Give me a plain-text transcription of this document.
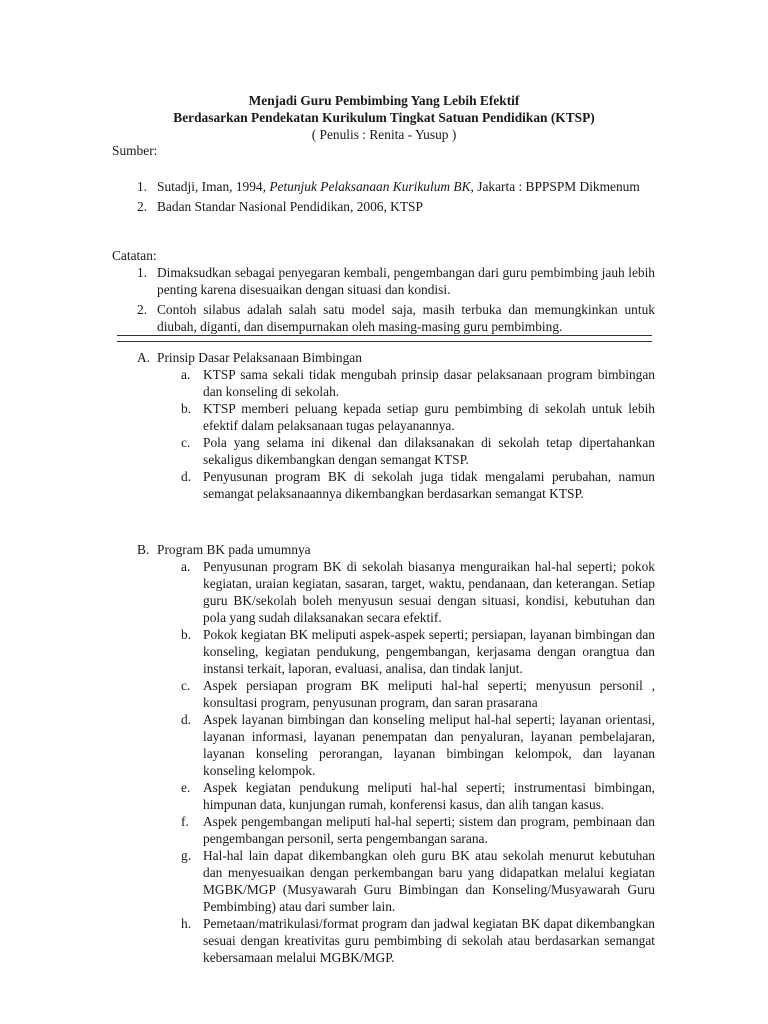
Menjadi Guru Pembimbing Yang Lebih Efektif
Berdasarkan Pendekatan Kurikulum Tingkat Satuan Pendidikan (KTSP)
( Penulis : Renita - Yusup )
Sumber:
1. Sutadji, Iman, 1994, Petunjuk Pelaksanaan Kurikulum BK, Jakarta : BPPSPM Dikmenum
2. Badan Standar Nasional Pendidikan, 2006, KTSP
Catatan:
1. Dimaksudkan sebagai penyegaran kembali, pengembangan dari guru pembimbing jauh lebih penting karena disesuaikan dengan situasi dan kondisi.
2. Contoh silabus adalah salah satu model saja, masih terbuka dan memungkinkan untuk diubah, diganti, dan disempurnakan oleh masing-masing guru pembimbing.
A. Prinsip Dasar Pelaksanaan Bimbingan
a. KTSP sama sekali tidak mengubah prinsip dasar pelaksanaan program bimbingan dan konseling di sekolah.
b. KTSP memberi peluang kepada setiap guru pembimbing di sekolah untuk lebih efektif dalam pelaksanaan tugas pelayanannya.
c. Pola yang selama ini dikenal dan dilaksanakan di sekolah tetap dipertahankan sekaligus dikembangkan dengan semangat KTSP.
d. Penyusunan program BK di sekolah juga tidak mengalami perubahan, namun semangat pelaksanaannya dikembangkan berdasarkan semangat KTSP.
B. Program BK pada umumnya
a. Penyusunan program BK di sekolah biasanya menguraikan hal-hal seperti; pokok kegiatan, uraian kegiatan, sasaran, target, waktu, pendanaan, dan keterangan. Setiap guru BK/sekolah boleh menyusun sesuai dengan situasi, kondisi, kebutuhan dan pola yang sudah dilaksanakan secara efektif.
b. Pokok kegiatan BK meliputi aspek-aspek seperti; persiapan, layanan bimbingan dan konseling, kegiatan pendukung, pengembangan, kerjasama dengan orangtua dan instansi terkait, laporan, evaluasi, analisa, dan tindak lanjut.
c. Aspek persiapan program BK meliputi hal-hal seperti; menyusun personil , konsultasi program, penyusunan program, dan saran prasarana
d. Aspek layanan bimbingan dan konseling meliput hal-hal seperti; layanan orientasi, layanan informasi, layanan penempatan dan penyaluran, layanan pembelajaran, layanan konseling perorangan, layanan bimbingan kelompok, dan layanan konseling kelompok.
e. Aspek kegiatan pendukung meliputi hal-hal seperti; instrumentasi bimbingan, himpunan data, kunjungan rumah, konferensi kasus, dan alih tangan kasus.
f.	Aspek pengembangan meliputi hal-hal seperti; sistem dan program, pembinaan dan pengembangan personil, serta pengembangan sarana.
g. Hal-hal lain dapat dikembangkan oleh guru BK atau sekolah menurut kebutuhan dan menyesuaikan dengan perkembangan baru yang didapatkan melalui kegiatan MGBK/MGP (Musyawarah Guru Bimbingan dan Konseling/Musyawarah Guru Pembimbing) atau dari sumber lain.
h. Pemetaan/matrikulasi/format program dan jadwal kegiatan BK dapat dikembangkan sesuai dengan kreativitas guru pembimbing di sekolah atau berdasarkan semangat kebersamaan melalui MGBK/MGP.
